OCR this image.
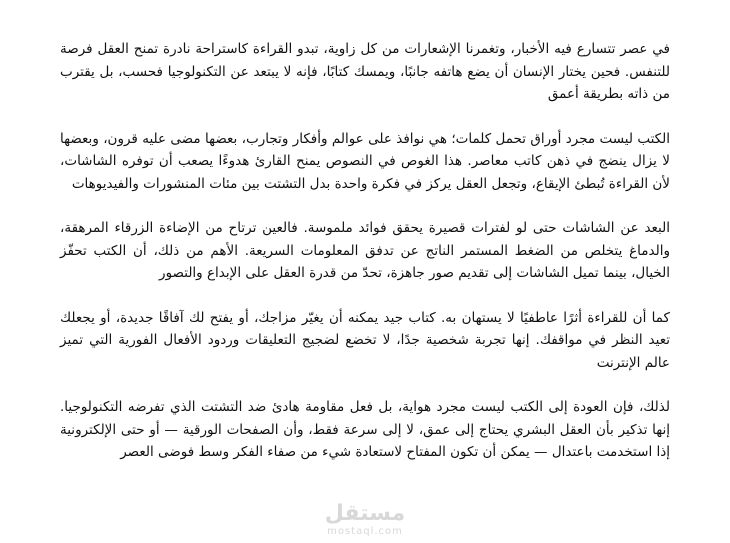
في عصر تتسارع فيه الأخبار، وتغمرنا الإشعارات من كل زاوية، تبدو القراءة كاستراحة نادرة تمنح العقل فرصة للتنفس. فحين يختار الإنسان أن يضع هاتفه جانبًا، ويمسك كتابًا، فإنه لا يبتعد عن التكنولوجيا فحسب، بل يقترب من ذاته بطريقة أعمق

الكتب ليست مجرد أوراق تحمل كلمات؛ هي نوافذ على عوالم وأفكار وتجارب، بعضها مضى عليه قرون، وبعضها لا يزال ينضج في ذهن كاتب معاصر. هذا الغوص في النصوص يمنح القارئ هدوءًا يصعب أن توفره الشاشات، لأن القراءة تُبطئ الإيقاع، وتجعل العقل يركز في فكرة واحدة بدل التشتت بين مئات المنشورات والفيديوهات

البعد عن الشاشات حتى لو لفترات قصيرة يحقق فوائد ملموسة. فالعين ترتاح من الإضاءة الزرقاء المرهقة، والدماغ يتخلص من الضغط المستمر الناتج عن تدفق المعلومات السريعة. الأهم من ذلك، أن الكتب تحفّز الخيال، بينما تميل الشاشات إلى تقديم صور جاهزة، تحدّ من قدرة العقل على الإبداع والتصور

كما أن للقراءة أثرًا عاطفيًا لا يستهان به. كتاب جيد يمكنه أن يغيّر مزاجك، أو يفتح لك آفاقًا جديدة، أو يجعلك تعيد النظر في مواقفك. إنها تجربة شخصية جدًا، لا تخضع لضجيج التعليقات وردود الأفعال الفورية التي تميز عالم الإنترنت

لذلك، فإن العودة إلى الكتب ليست مجرد هواية، بل فعل مقاومة هادئ ضد التشتت الذي تفرضه التكنولوجيا. إنها تذكير بأن العقل البشري يحتاج إلى عمق، لا إلى سرعة فقط، وأن الصفحات الورقية — أو حتى الإلكترونية إذا استخدمت باعتدال — يمكن أن تكون المفتاح لاستعادة شيء من صفاء الفكر وسط فوضى العصر

مستقل
mostaql.com
